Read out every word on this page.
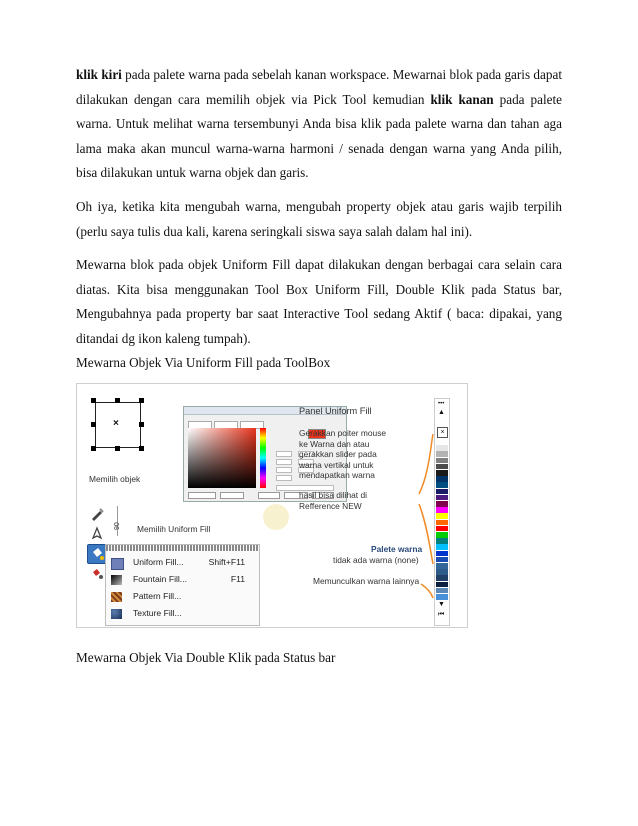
klik kiri pada palete warna pada sebelah kanan workspace. Mewarnai blok pada garis dapat dilakukan dengan cara memilih objek via Pick Tool kemudian klik kanan pada palete warna. Untuk melihat warna tersembunyi Anda bisa klik pada palete warna dan tahan aga lama maka akan muncul warna-warna harmoni / senada dengan warna yang Anda pilih, bisa dilakukan untuk warna objek dan garis.

Oh iya, ketika kita mengubah warna, mengubah property objek atau garis wajib terpilih (perlu saya tulis dua kali, karena seringkali siswa saya salah dalam hal ini).

Mewarna blok pada objek Uniform Fill dapat dilakukan dengan berbagai cara selain cara diatas. Kita bisa menggunakan Tool Box Uniform Fill, Double Klik pada Status bar, Mengubahnya pada property bar saat Interactive Tool sedang Aktif ( baca: dipakai, yang ditandai dg ikon kaleng tumpah).

Mewarna Objek Via Uniform Fill pada ToolBox

×
Memilih objek
Panel Uniform Fill
Gerakkan poiter mouse ke Warna dan atau gerakkan slider pada warna vertikal untuk mendapatkan warna
hasil bisa dilihat di Refference NEW
90 Memilih Uniform Fill
Uniform Fill...	Shift+F11
Fountain Fill...	F11
Pattern Fill...
Texture Fill...
Palete warna
tidak ada warna (none)
Memunculkan warna lainnya
•••
▲
×
▼
⏮

Mewarna Objek Via Double Klik pada Status bar
